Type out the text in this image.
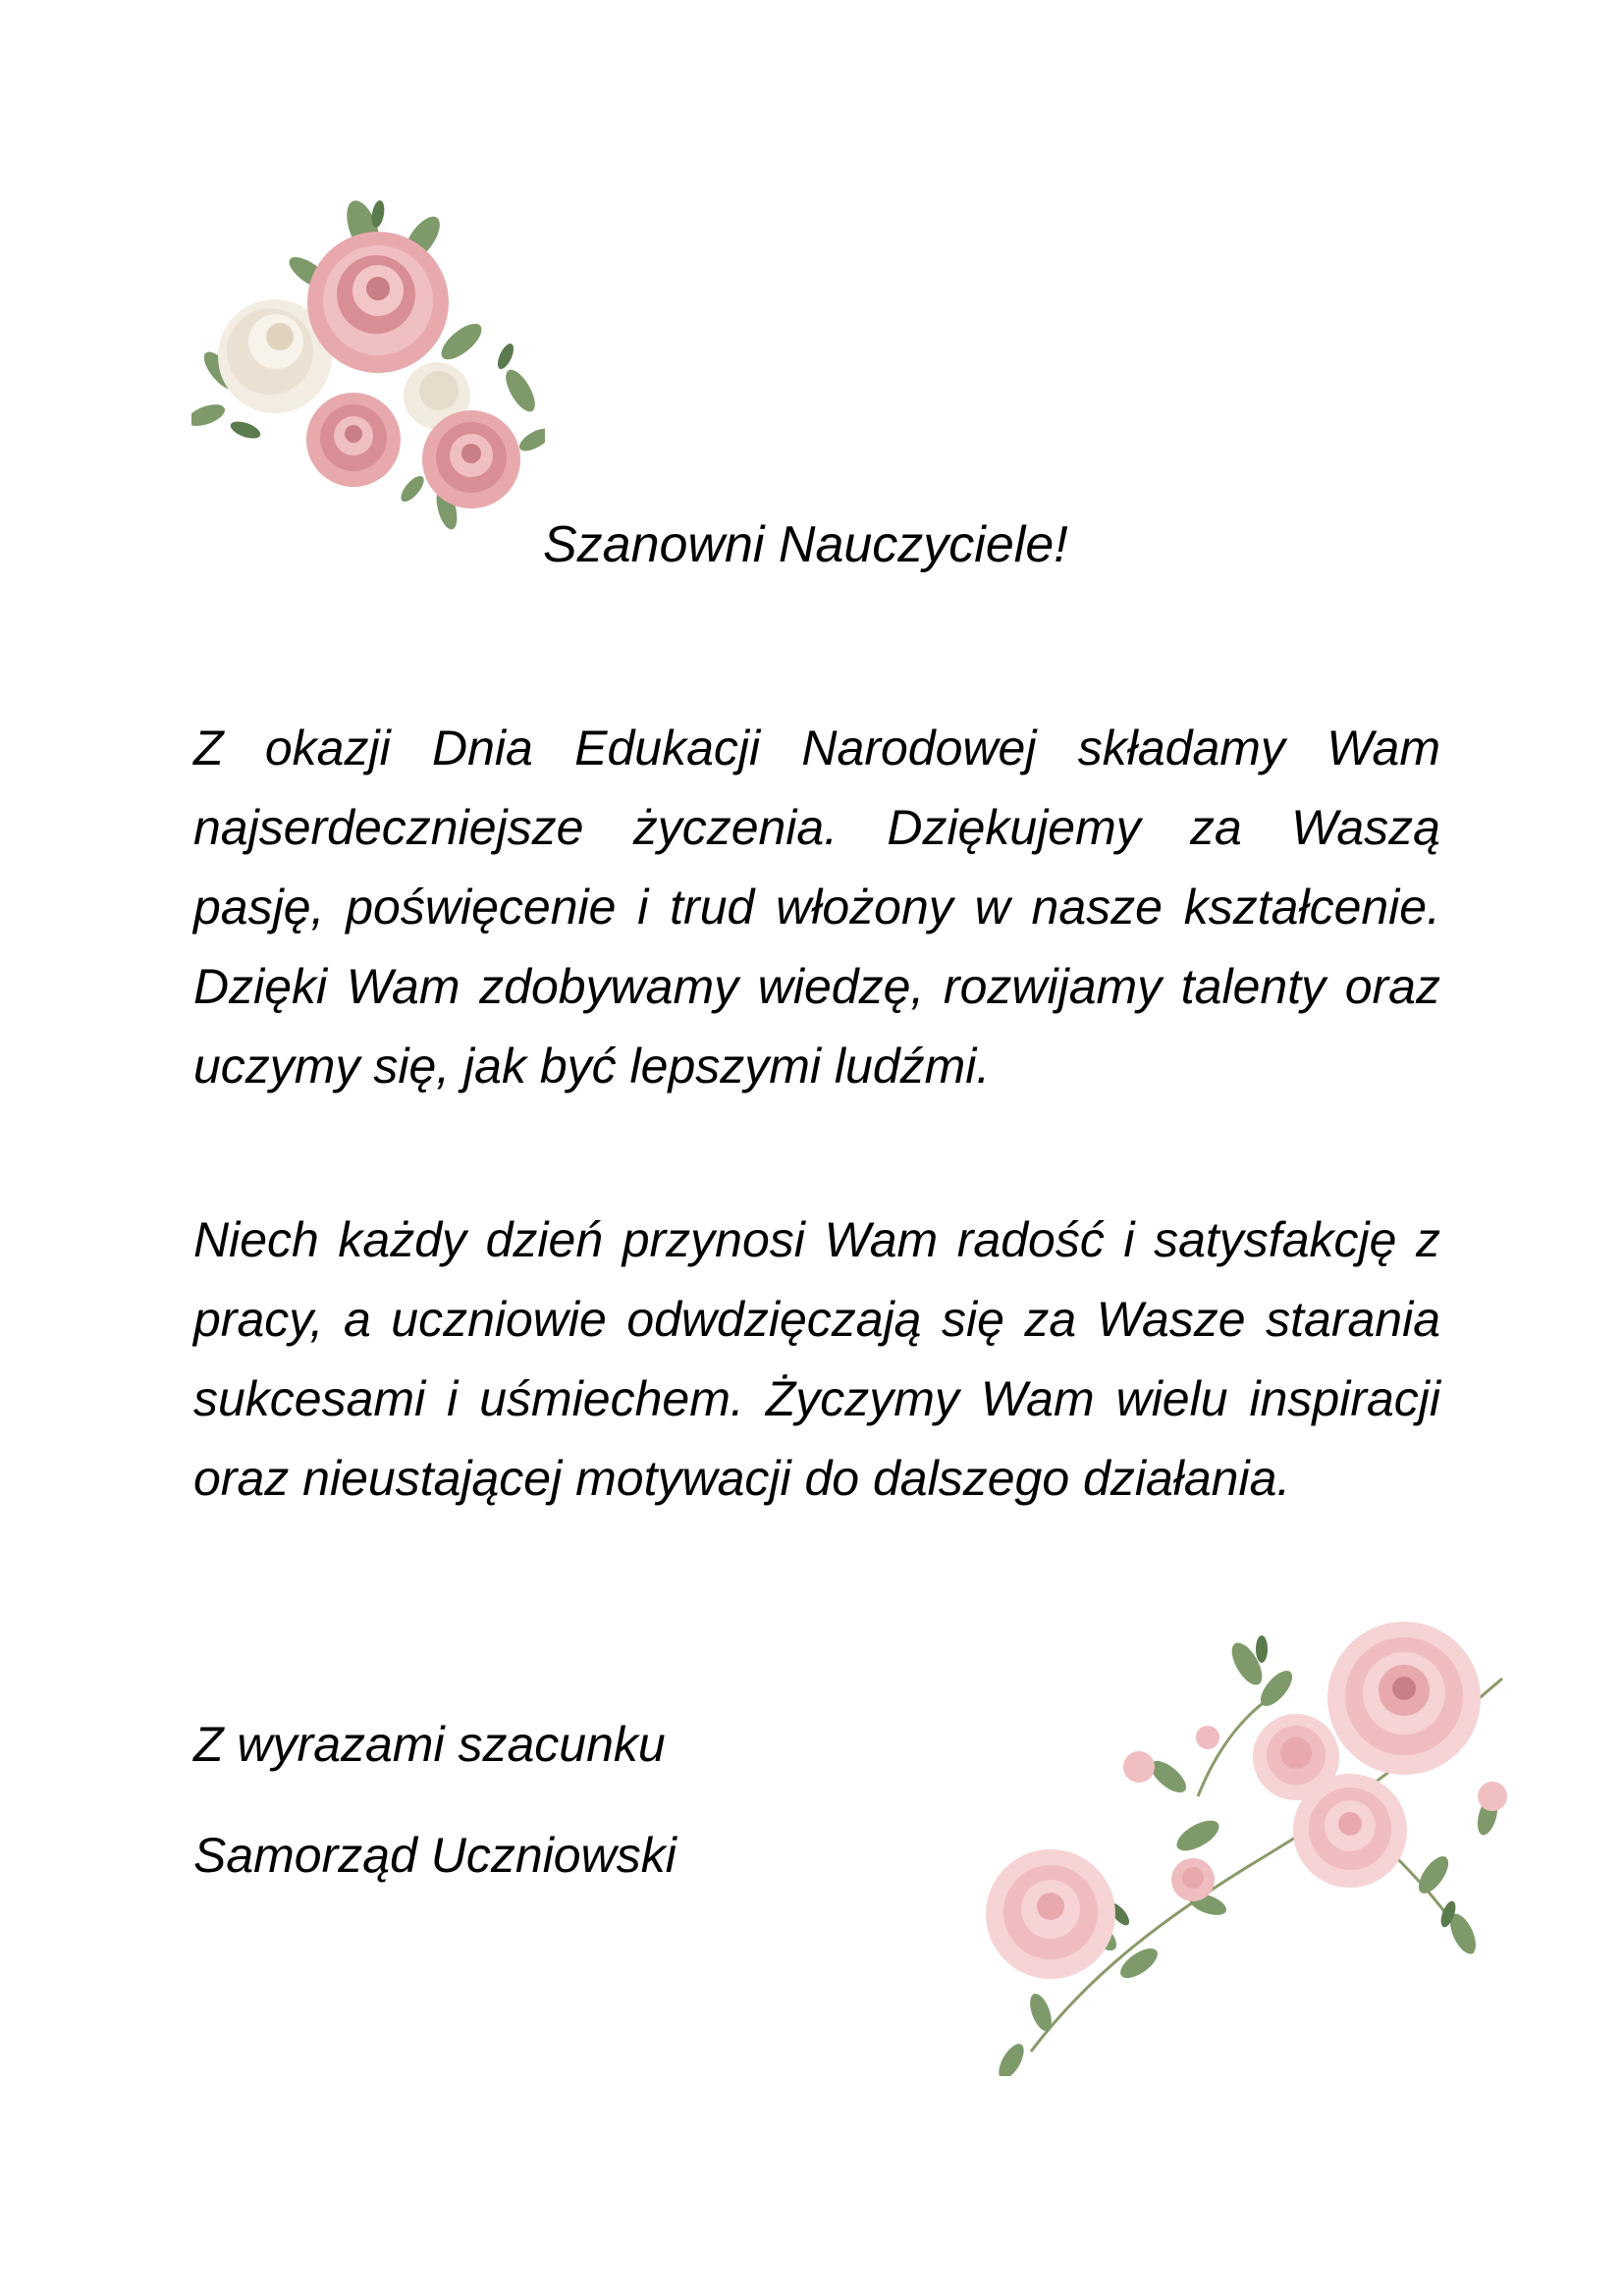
Szanowni Nauczyciele!

Z okazji Dnia Edukacji Narodowej składamy Wam najserdeczniejsze życzenia. Dziękujemy za Waszą pasję, poświęcenie i trud włożony w nasze kształcenie. Dzięki Wam zdobywamy wiedzę, rozwijamy talenty oraz uczymy się, jak być lepszymi ludźmi.

Niech każdy dzień przynosi Wam radość i satysfakcję z pracy, a uczniowie odwdzięczają się za Wasze starania sukcesami i uśmiechem. Życzymy Wam wielu inspiracji oraz nieustającej motywacji do dalszego działania.

Z wyrazami szacunku

Samorząd Uczniowski
